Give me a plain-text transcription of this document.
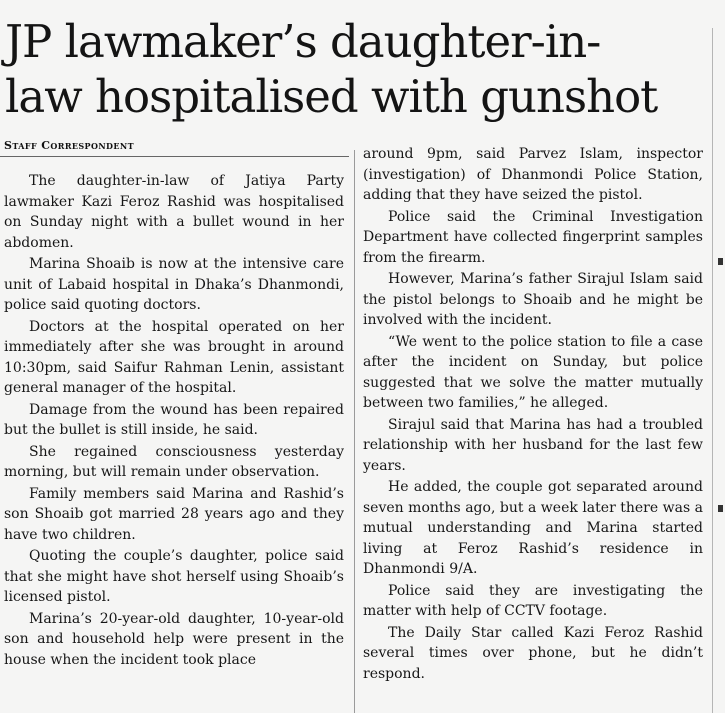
JP lawmaker’s daughter-in-
law hospitalised with gunshot
Staff Correspondent

The daughter-in-law of Jatiya Party lawmaker Kazi Feroz Rashid was hospitalised on Sunday night with a bullet wound in her abdomen.

Marina Shoaib is now at the intensive care unit of Labaid hospital in Dhaka’s Dhanmondi, police said quoting doctors.

Doctors at the hospital operated on her immediately after she was brought in around 10:30pm, said Saifur Rahman Lenin, assistant general manager of the hospital.

Damage from the wound has been repaired but the bullet is still inside, he said.

She regained consciousness yesterday morning, but will remain under observation.

Family members said Marina and Rashid’s son Shoaib got married 28 years ago and they have two children.

Quoting the couple’s daughter, police said that she might have shot herself using Shoaib’s licensed pistol.

Marina’s 20-year-old daughter, 10-year-old son and household help were present in the house when the incident took place

around 9pm, said Parvez Islam, inspector (investigation) of Dhanmondi Police Station, adding that they have seized the pistol.

Police said the Criminal Investigation Department have collected fingerprint samples from the firearm.

However, Marina’s father Sirajul Islam said the pistol belongs to Shoaib and he might be involved with the incident.

“We went to the police station to file a case after the incident on Sunday, but police suggested that we solve the matter mutually between two families,” he alleged.

Sirajul said that Marina has had a troubled relationship with her husband for the last few years.

He added, the couple got separated around seven months ago, but a week later there was a mutual understanding and Marina started living at Feroz Rashid’s residence in Dhanmondi 9/A.

Police said they are investigating the matter with help of CCTV footage.

The Daily Star called Kazi Feroz Rashid several times over phone, but he didn’t respond.
